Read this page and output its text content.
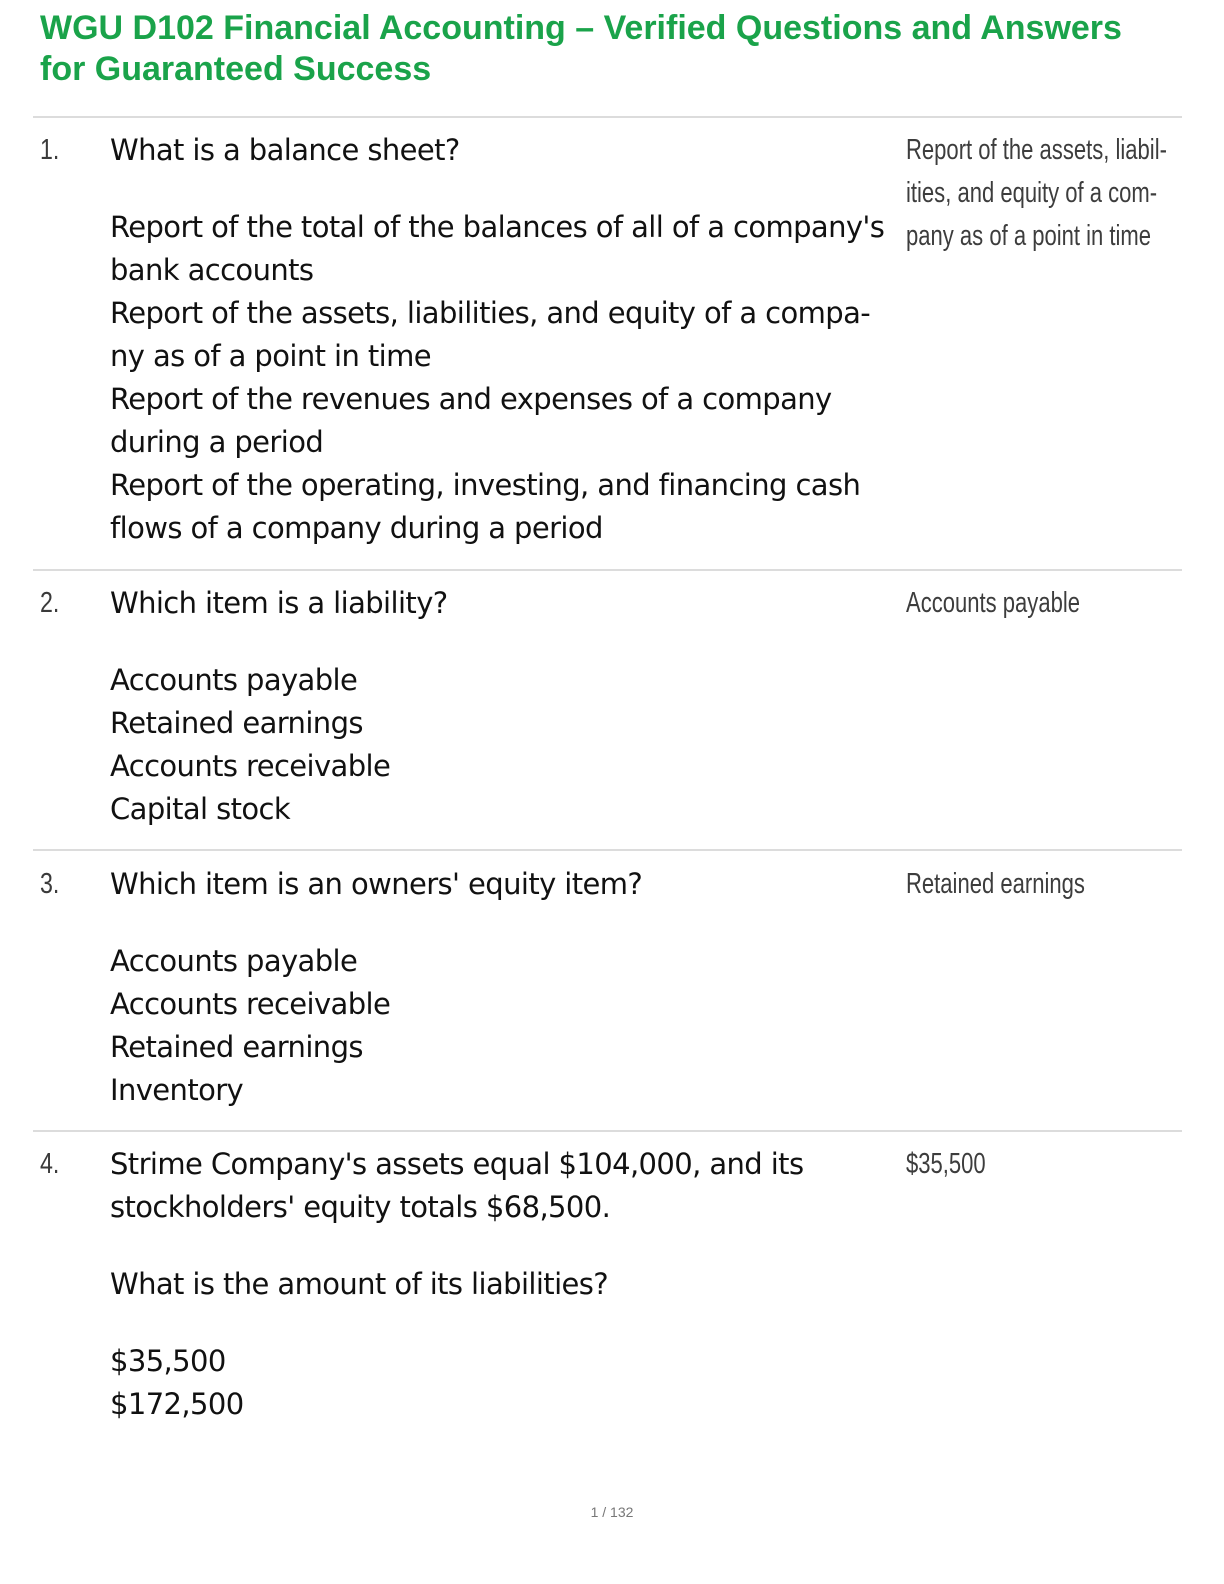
WGU D102 Financial Accounting – Verified Questions and Answers
for Guaranteed Success
1. What is a balance sheet?
Report of the total of the balances of all of a company's
bank accounts
Report of the assets, liabilities, and equity of a compa-
ny as of a point in time
Report of the revenues and expenses of a company
during a period
Report of the operating, investing, and financing cash
flows of a company during a period
Report of the assets, liabil-
ities, and equity of a com-
pany as of a point in time
2. Which item is a liability?
Accounts payable
Retained earnings
Accounts receivable
Capital stock
Accounts payable
3. Which item is an owners' equity item?
Accounts payable
Accounts receivable
Retained earnings
Inventory
Retained earnings
4. Strime Company's assets equal $104,000, and its
stockholders' equity totals $68,500.
What is the amount of its liabilities?
$35,500
$172,500
$35,500
1 / 132
